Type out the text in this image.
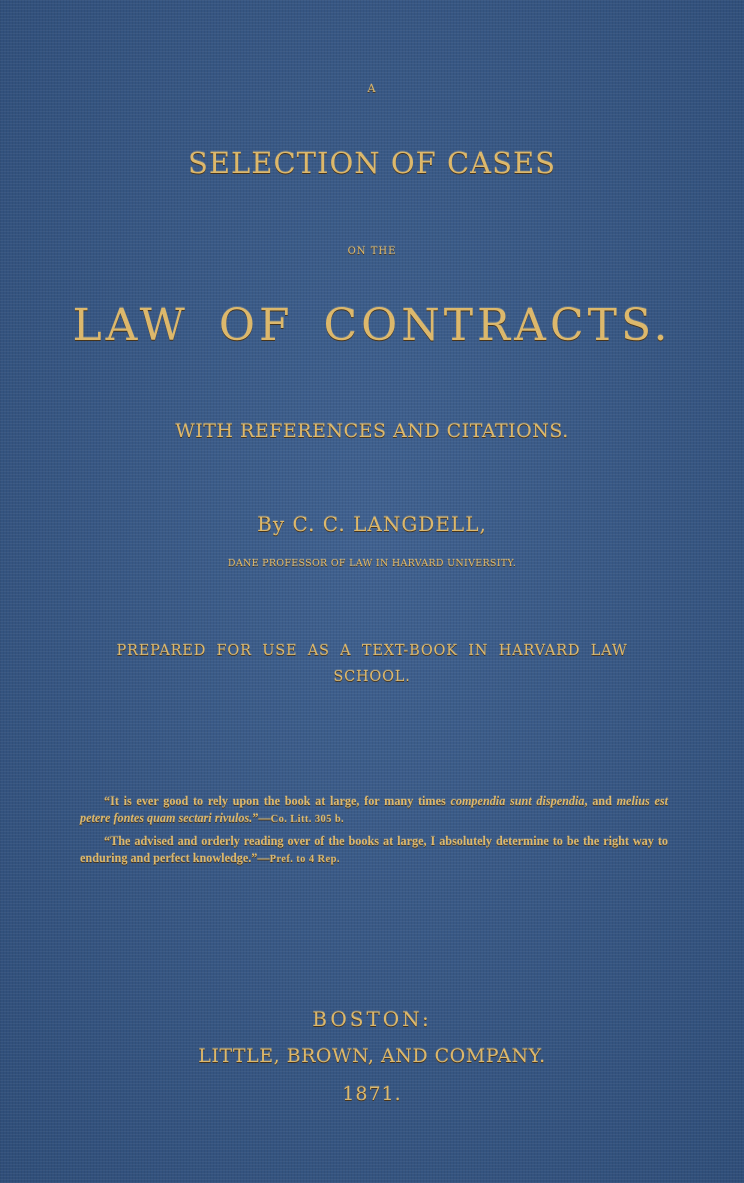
A
SELECTION OF CASES
ON THE
LAW OF CONTRACTS.
WITH REFERENCES AND CITATIONS.
By C. C. LANGDELL,
DANE PROFESSOR OF LAW IN HARVARD UNIVERSITY.
PREPARED FOR USE AS A TEXT-BOOK IN HARVARD LAW
SCHOOL.

“It is ever good to rely upon the book at large, for many times compendia sunt dispendia, and melius est petere fontes quam sectari rivulos.”—Co. Litt. 305 b.

“The advised and orderly reading over of the books at large, I absolutely determine to be the right way to enduring and perfect knowledge.”—Pref. to 4 Rep.

BOSTON:
LITTLE, BROWN, AND COMPANY.
1871.
